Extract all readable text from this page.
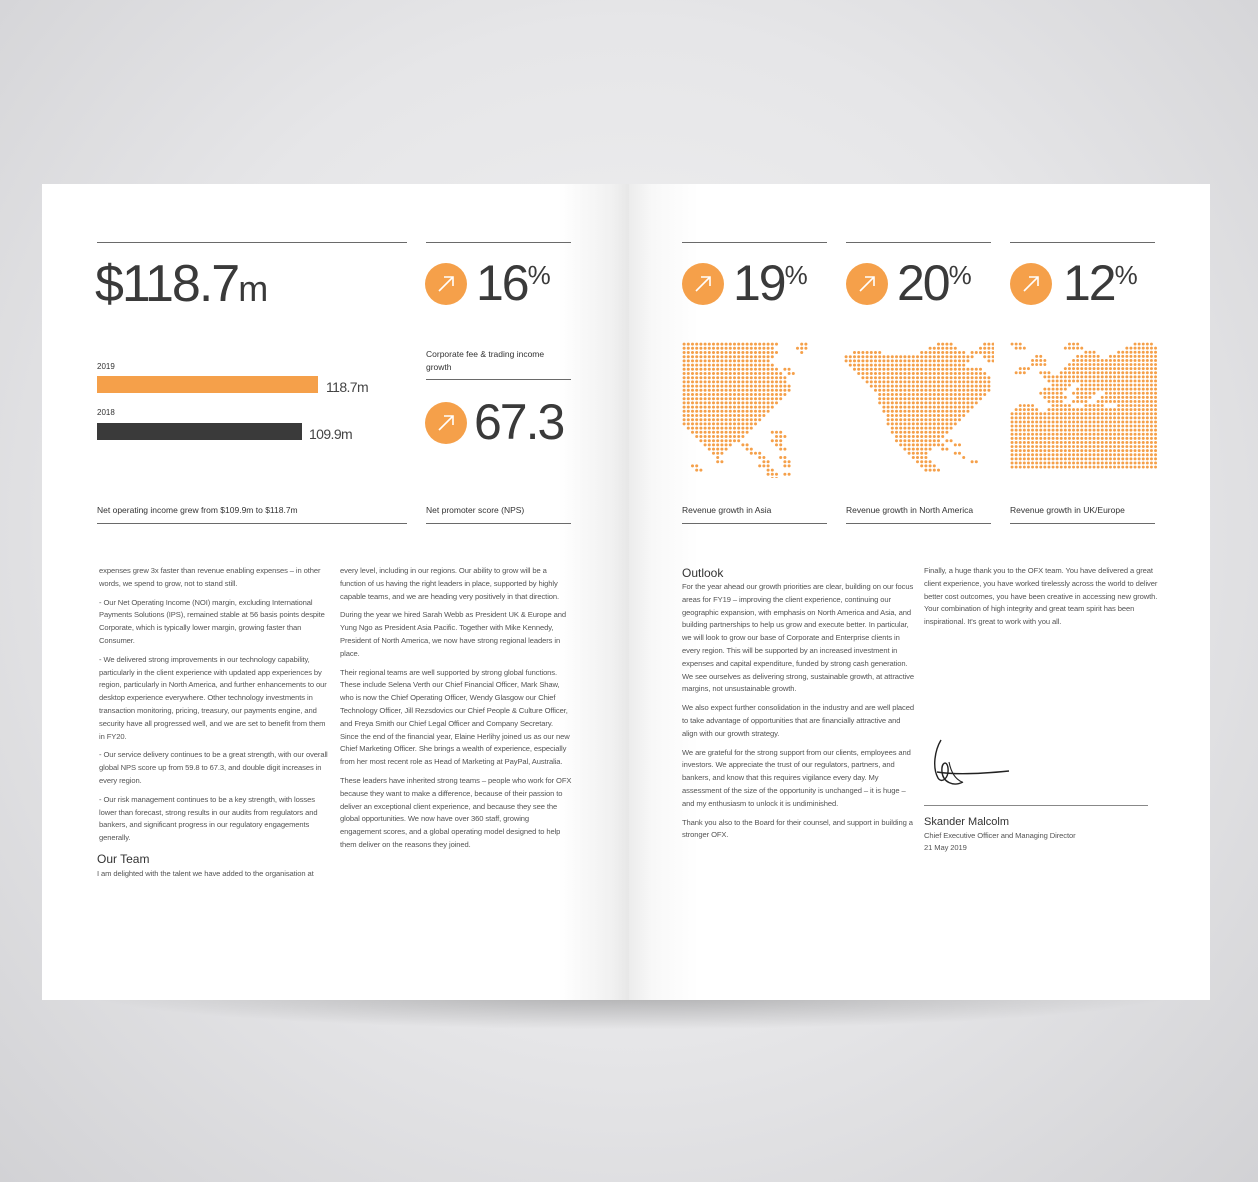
$118.7m
2019
118.7m
2018
109.9m
Net operating income grew from $109.9m to $118.7m
16%
Corporate fee & trading income growth
67.3
Net promoter score (NPS)

expenses grew 3x faster than revenue enabling expenses – in other words, we spend to grow, not to stand still.

- Our Net Operating Income (NOI) margin, excluding International Payments Solutions (IPS), remained stable at 56 basis points despite Corporate, which is typically lower margin, growing faster than Consumer.

- We delivered strong improvements in our technology capability, particularly in the client experience with updated app experiences by region, particularly in North America, and further enhancements to our desktop experience everywhere. Other technology investments in transaction monitoring, pricing, treasury, our payments engine, and security have all progressed well, and we are set to benefit from them in FY20.

- Our service delivery continues to be a great strength, with our overall global NPS score up from 59.8 to 67.3, and double digit increases in every region.

- Our risk management continues to be a key strength, with losses lower than forecast, strong results in our audits from regulators and bankers, and significant progress in our regulatory engagements generally.

Our Team
I am delighted with the talent we have added to the organisation at

every level, including in our regions. Our ability to grow will be a function of us having the right leaders in place, supported by highly capable teams, and we are heading very positively in that direction.

During the year we hired Sarah Webb as President UK & Europe and Yung Ngo as President Asia Pacific. Together with Mike Kennedy, President of North America, we now have strong regional leaders in place.

Their regional teams are well supported by strong global functions. These include Selena Verth our Chief Financial Officer, Mark Shaw, who is now the Chief Operating Officer, Wendy Glasgow our Chief Technology Officer, Jill Rezsdovics our Chief People & Culture Officer, and Freya Smith our Chief Legal Officer and Company Secretary. Since the end of the financial year, Elaine Herlihy joined us as our new Chief Marketing Officer. She brings a wealth of experience, especially from her most recent role as Head of Marketing at PayPal, Australia.

These leaders have inherited strong teams – people who work for OFX because they want to make a difference, because of their passion to deliver an exceptional client experience, and because they see the global opportunities. We now have over 360 staff, growing engagement scores, and a global operating model designed to help them deliver on the reasons they joined.

19%
Revenue growth in Asia
20%
Revenue growth in North America
12%
Revenue growth in UK/Europe
Outlook

For the year ahead our growth priorities are clear, building on our focus areas for FY19 – improving the client experience, continuing our geographic expansion, with emphasis on North America and Asia, and building partnerships to help us grow and execute better. In particular, we will look to grow our base of Corporate and Enterprise clients in every region. This will be supported by an increased investment in expenses and capital expenditure, funded by strong cash generation. We see ourselves as delivering strong, sustainable growth, at attractive margins, not unsustainable growth.

We also expect further consolidation in the industry and are well placed to take advantage of opportunities that are financially attractive and align with our growth strategy.

We are grateful for the strong support from our clients, employees and investors. We appreciate the trust of our regulators, partners, and bankers, and know that this requires vigilance every day. My assessment of the size of the opportunity is unchanged – it is huge – and my enthusiasm to unlock it is undiminished.

Thank you also to the Board for their counsel, and support in building a stronger OFX.

Finally, a huge thank you to the OFX team. You have delivered a great client experience, you have worked tirelessly across the world to deliver better cost outcomes, you have been creative in accessing new growth. Your combination of high integrity and great team spirit has been inspirational. It's great to work with you all.

Skander Malcolm
Chief Executive Officer and Managing Director
21 May 2019
